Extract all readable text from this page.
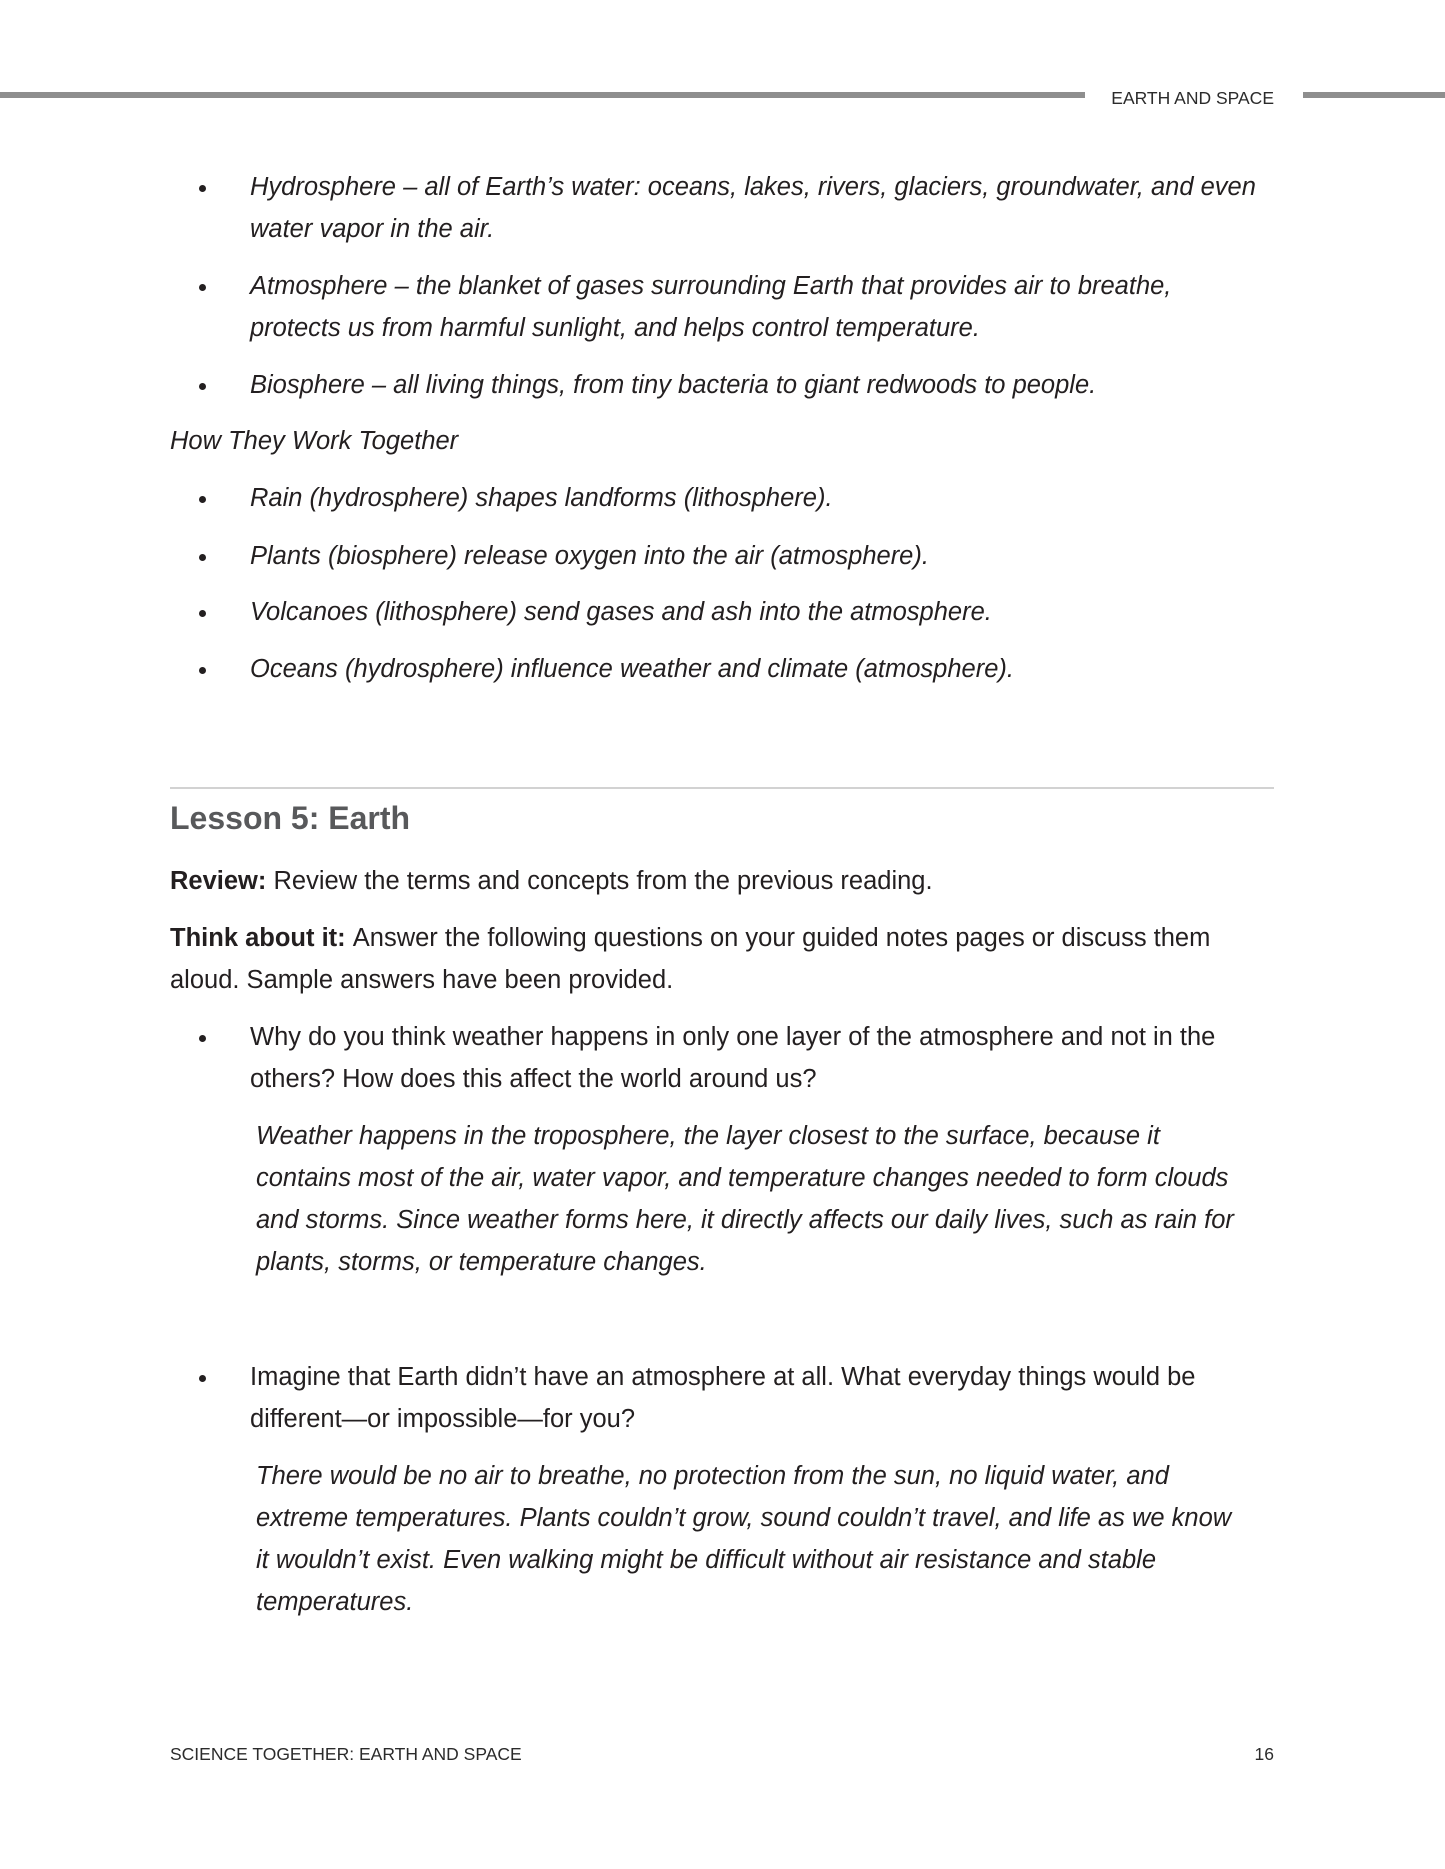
EARTH AND SPACE
Hydrosphere – all of Earth’s water: oceans, lakes, rivers, glaciers, groundwater, and even
water vapor in the air.
Atmosphere – the blanket of gases surrounding Earth that provides air to breathe,
protects us from harmful sunlight, and helps control temperature.
Biosphere – all living things, from tiny bacteria to giant redwoods to people.
How They Work Together
Rain (hydrosphere) shapes landforms (lithosphere).
Plants (biosphere) release oxygen into the air (atmosphere).
Volcanoes (lithosphere) send gases and ash into the atmosphere.
Oceans (hydrosphere) influence weather and climate (atmosphere).
Lesson 5: Earth
Review: Review the terms and concepts from the previous reading.
Think about it: Answer the following questions on your guided notes pages or discuss them
aloud. Sample answers have been provided.
Why do you think weather happens in only one layer of the atmosphere and not in the
others? How does this affect the world around us?
Weather happens in the troposphere, the layer closest to the surface, because it
contains most of the air, water vapor, and temperature changes needed to form clouds
and storms. Since weather forms here, it directly affects our daily lives, such as rain for
plants, storms, or temperature changes.
Imagine that Earth didn’t have an atmosphere at all. What everyday things would be
different—or impossible—for you?
There would be no air to breathe, no protection from the sun, no liquid water, and
extreme temperatures. Plants couldn’t grow, sound couldn’t travel, and life as we know
it wouldn’t exist. Even walking might be difficult without air resistance and stable
temperatures.
SCIENCE TOGETHER: EARTH AND SPACE	16
